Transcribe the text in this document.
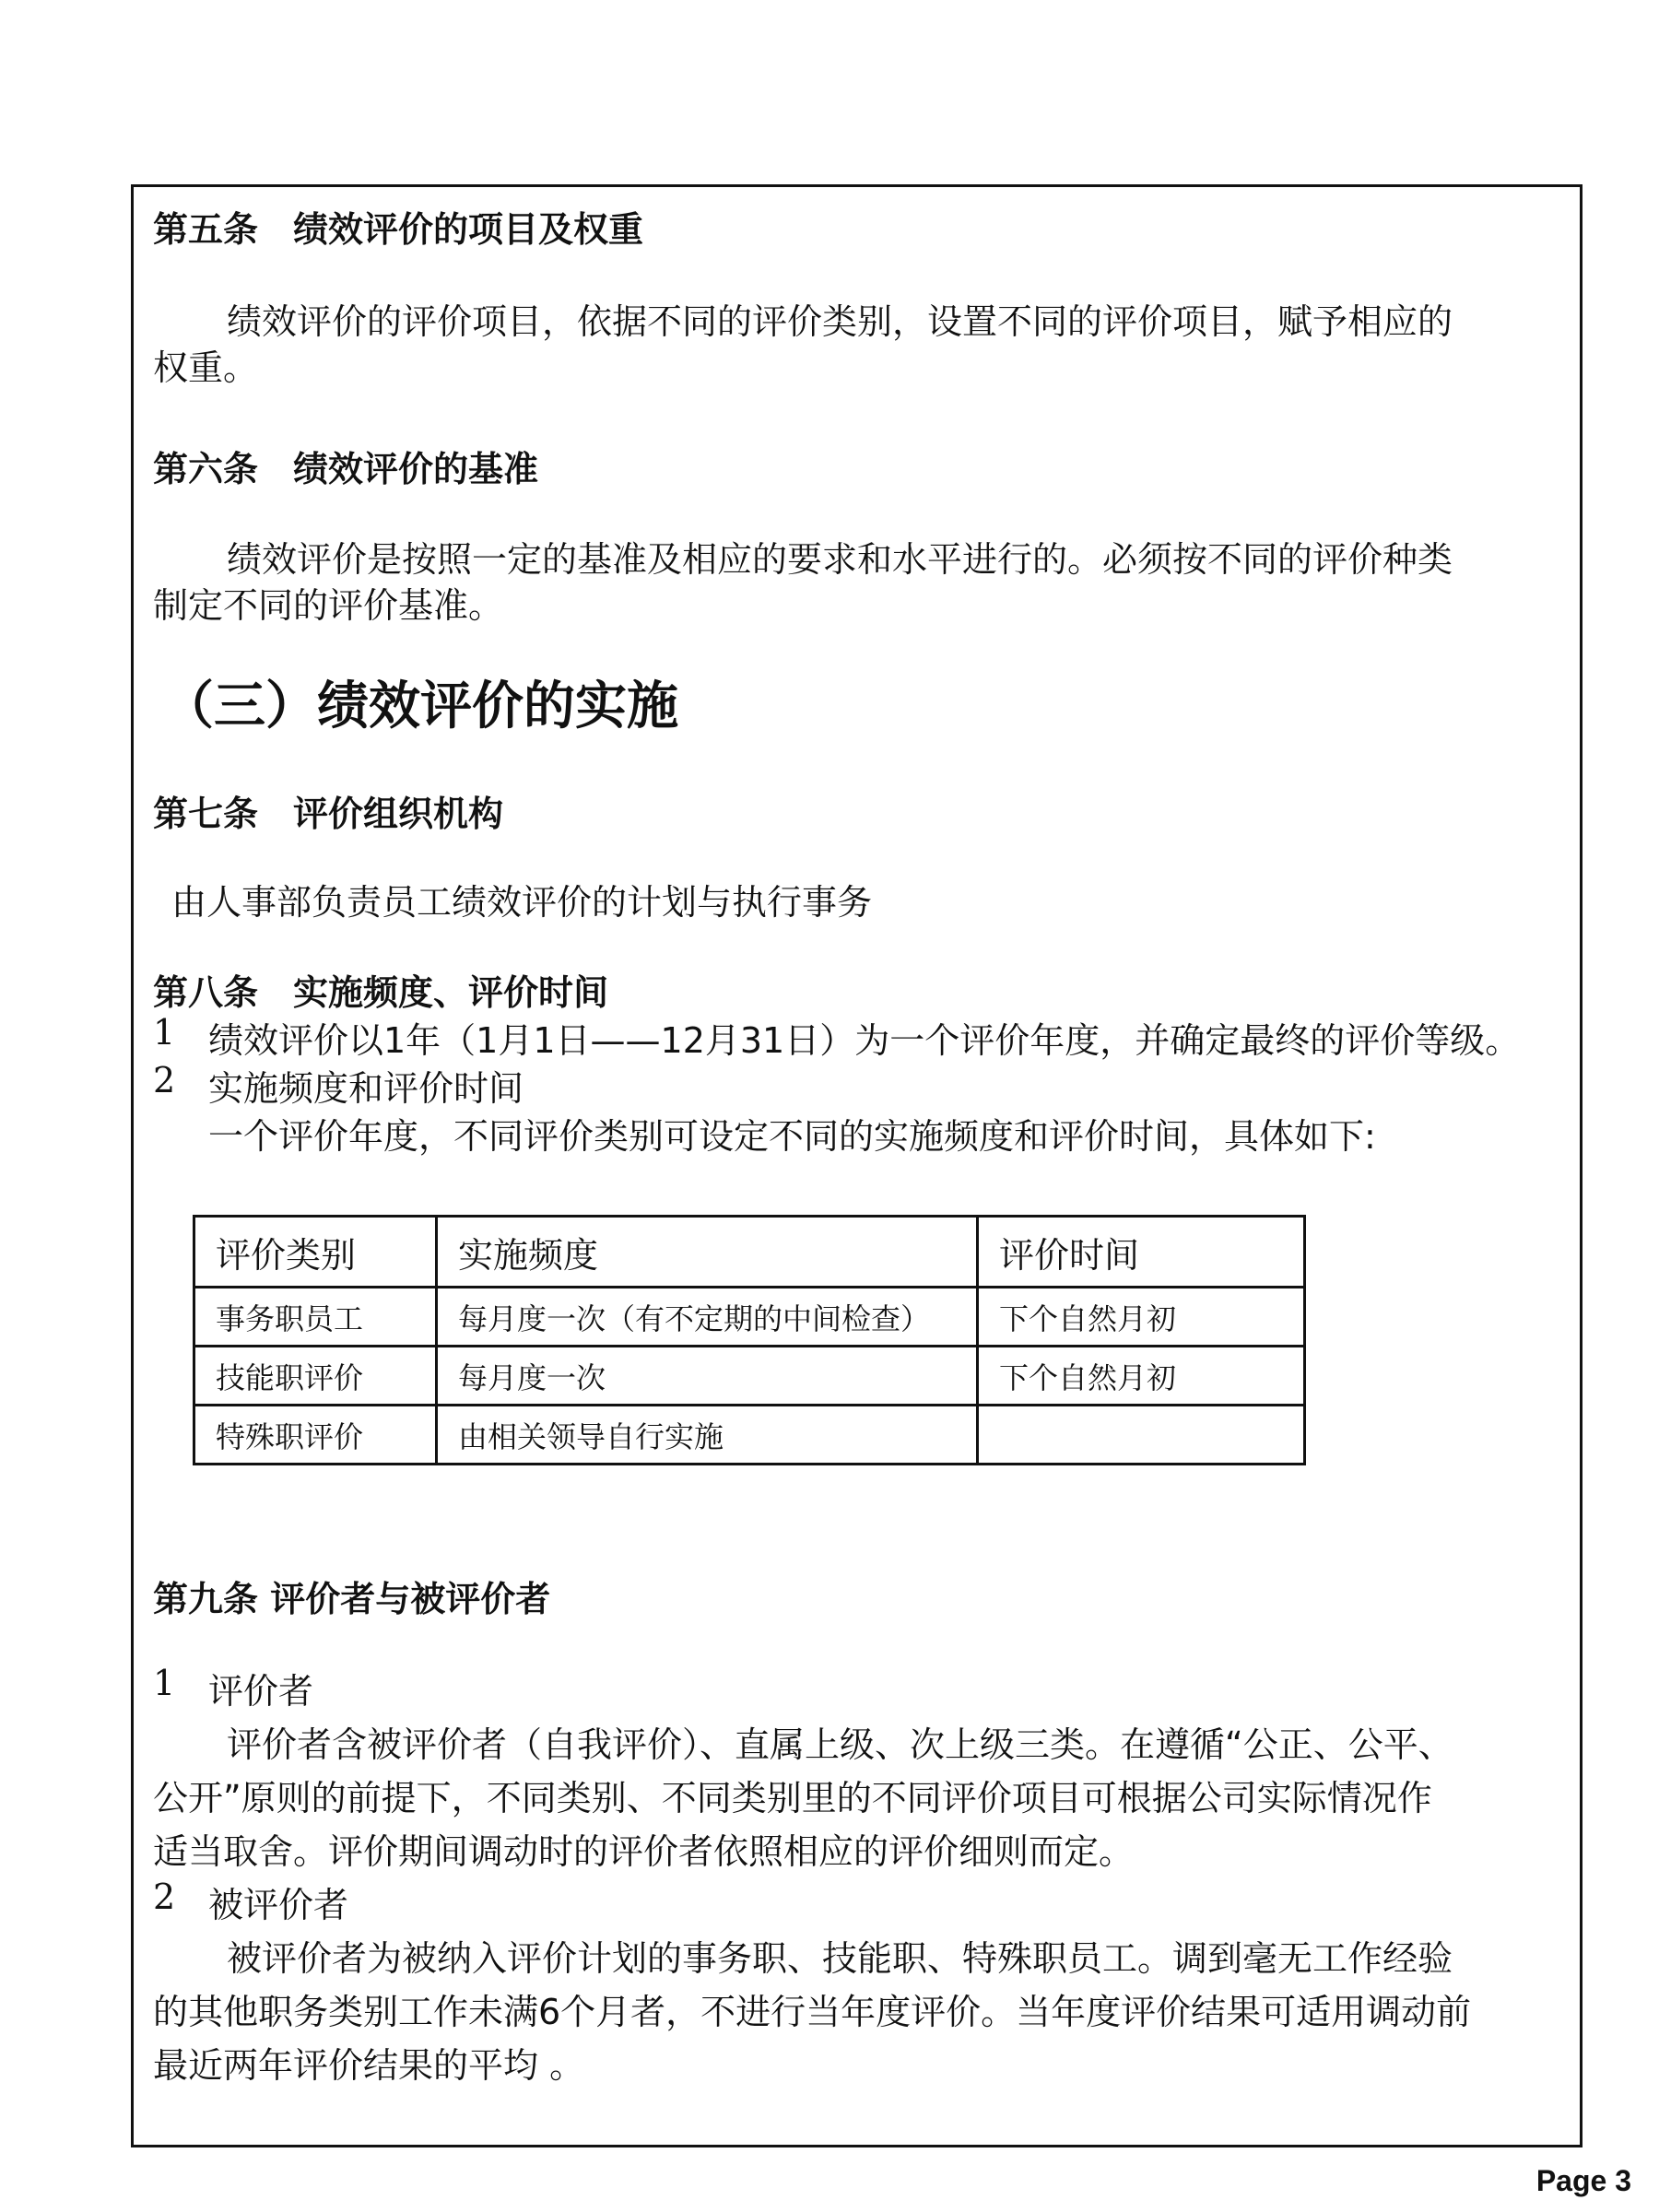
第五条　绩效评价的项目及权重
绩效评价的评价项目，依据不同的评价类别，设置不同的评价项目，赋予相应的
权重。
第六条　绩效评价的基准
绩效评价是按照一定的基准及相应的要求和水平进行的。必须按不同的评价种类
制定不同的评价基准。
（三）绩效评价的实施
第七条　评价组织机构
由人事部负责员工绩效评价的计划与执行事务
第八条　实施频度、评价时间
1 绩效评价以1年（1月1日——12月31日）为一个评价年度，并确定最终的评价等级。
2 实施频度和评价时间
一个评价年度，不同评价类别可设定不同的实施频度和评价时间，具体如下:
评价类别	实施频度	评价时间
事务职员工	每月度一次（有不定期的中间检查）	下个自然月初
技能职评价	每月度一次	下个自然月初
特殊职评价	由相关领导自行实施	
第九条 评价者与被评价者
1 评价者
评价者含被评价者（自我评价）、直属上级、次上级三类。在遵循“公正、公平、
公开”原则的前提下，不同类别、不同类别里的不同评价项目可根据公司实际情况作
适当取舍。评价期间调动时的评价者依照相应的评价细则而定。
2 被评价者
被评价者为被纳入评价计划的事务职、技能职、特殊职员工。调到毫无工作经验
的其他职务类别工作未满6个月者，不进行当年度评价。当年度评价结果可适用调动前
最近两年评价结果的平均 。
Page 3
